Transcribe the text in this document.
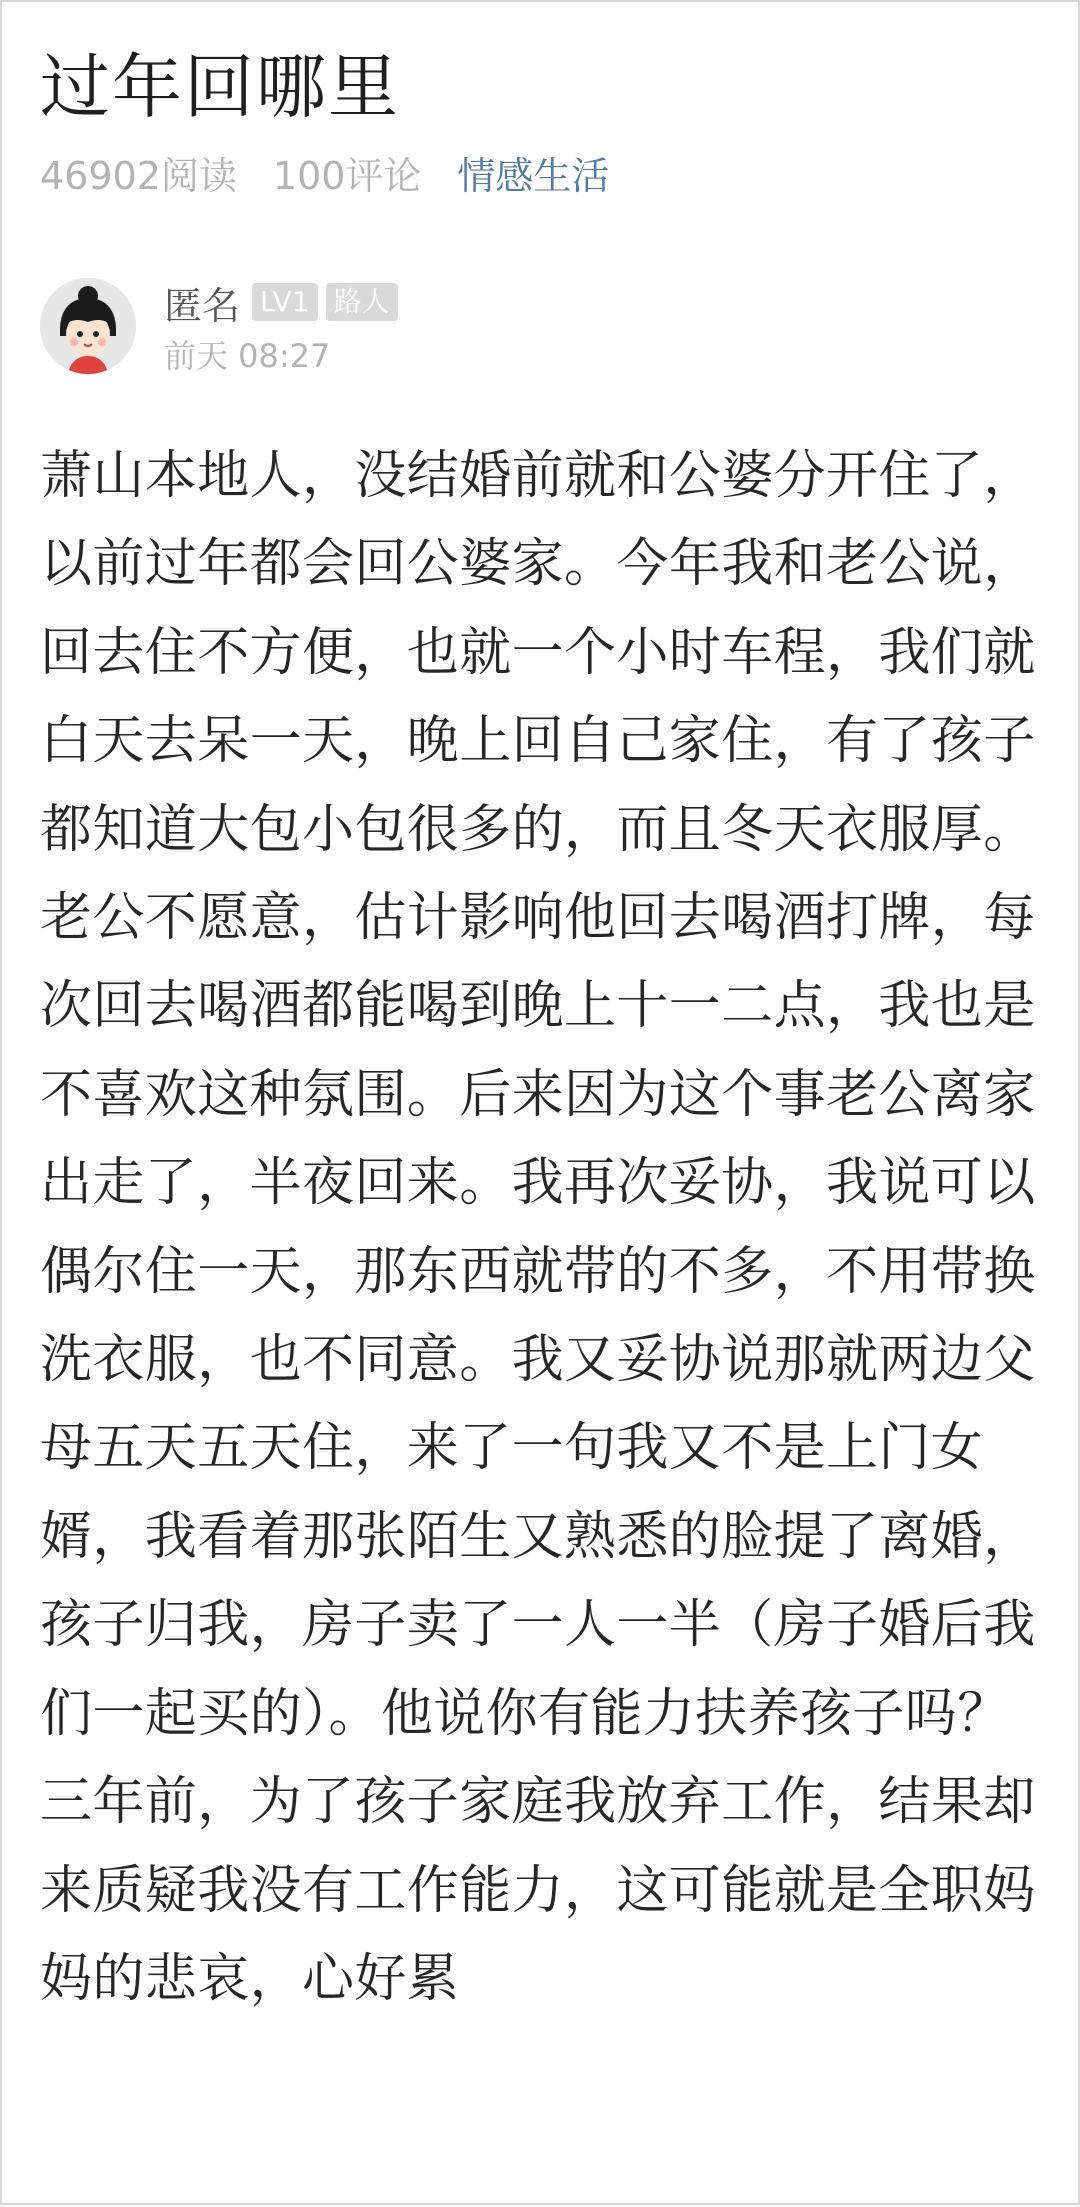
过年回哪里
46902阅读 100评论 情感生活
匿名 LV1 路人
前天 08:27
萧山本地人，没结婚前就和公婆分开住了，以前过年都会回公婆家。今年我和老公说，回去住不方便，也就一个小时车程，我们就白天去呆一天，晚上回自己家住，有了孩子都知道大包小包很多的，而且冬天衣服厚。老公不愿意，估计影响他回去喝酒打牌，每次回去喝酒都能喝到晚上十一二点，我也是不喜欢这种氛围。后来因为这个事老公离家出走了，半夜回来。我再次妥协，我说可以偶尔住一天，那东西就带的不多，不用带换洗衣服，也不同意。我又妥协说那就两边父母五天五天住，来了一句我又不是上门女婿，我看着那张陌生又熟悉的脸提了离婚，孩子归我，房子卖了一人一半（房子婚后我们一起买的）。他说你有能力扶养孩子吗？三年前，为了孩子家庭我放弃工作，结果却来质疑我没有工作能力，这可能就是全职妈妈的悲哀，心好累
